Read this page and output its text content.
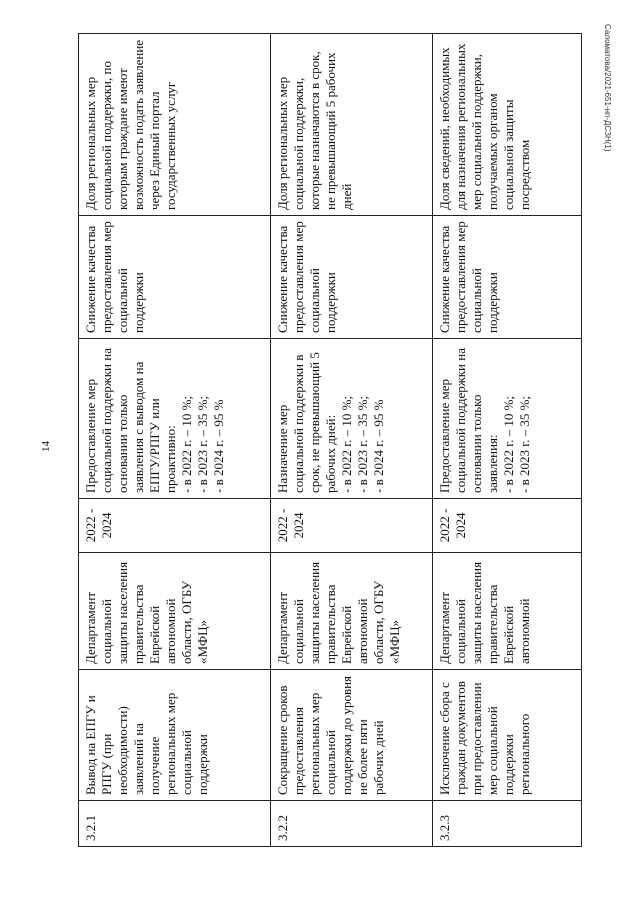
14
Саломатова/2021-651-нп-ДСЗН(1)
3.2.1	Вывод на ЕПГУ и РПГУ (при необходимости) заявлений на получение региональных мер социальной поддержки	Департамент социальной защиты населения правительства Еврейской автономной области, ОГБУ «МФЦ»	2022 - 2024	Предоставление мер социальной поддержки на основании только заявления с выводом на ЕПГУ/РПГУ или проактивно:
- в 2022 г. – 10 %;
- в 2023 г. – 35 %;
- в 2024 г. – 95 %	Снижение качества предоставления мер социальной поддержки	Доля региональных мер социальной поддержки, по которым граждане имеют возможность подать заявление через Единый портал государственных услуг
3.2.2	Сокращение сроков предоставления региональных мер социальной поддержки до уровня не более пяти рабочих дней	Департамент социальной защиты населения правительства Еврейской автономной области, ОГБУ «МФЦ»	2022 - 2024	Назначение мер социальной поддержки в срок, не превышающий 5 рабочих дней:
- в 2022 г. – 10 %;
- в 2023 г. – 35 %;
- в 2024 г. – 95 %	Снижение качества предоставления мер социальной поддержки	Доля региональных мер социальной поддержки, которые назначаются в срок, не превышающий 5 рабочих дней
3.2.3	Исключение сбора с граждан документов при предоставлении мер социальной поддержки регионального	Департамент социальной защиты населения правительства Еврейской автономной	2022 - 2024	Предоставление мер социальной поддержки на основании только заявления:
- в 2022 г. – 10 %;
- в 2023 г. – 35 %;	Снижение качества предоставления мер социальной поддержки	Доля сведений, необходимых для назначения региональных мер социальной поддержки, получаемых органом социальной защиты посредством
